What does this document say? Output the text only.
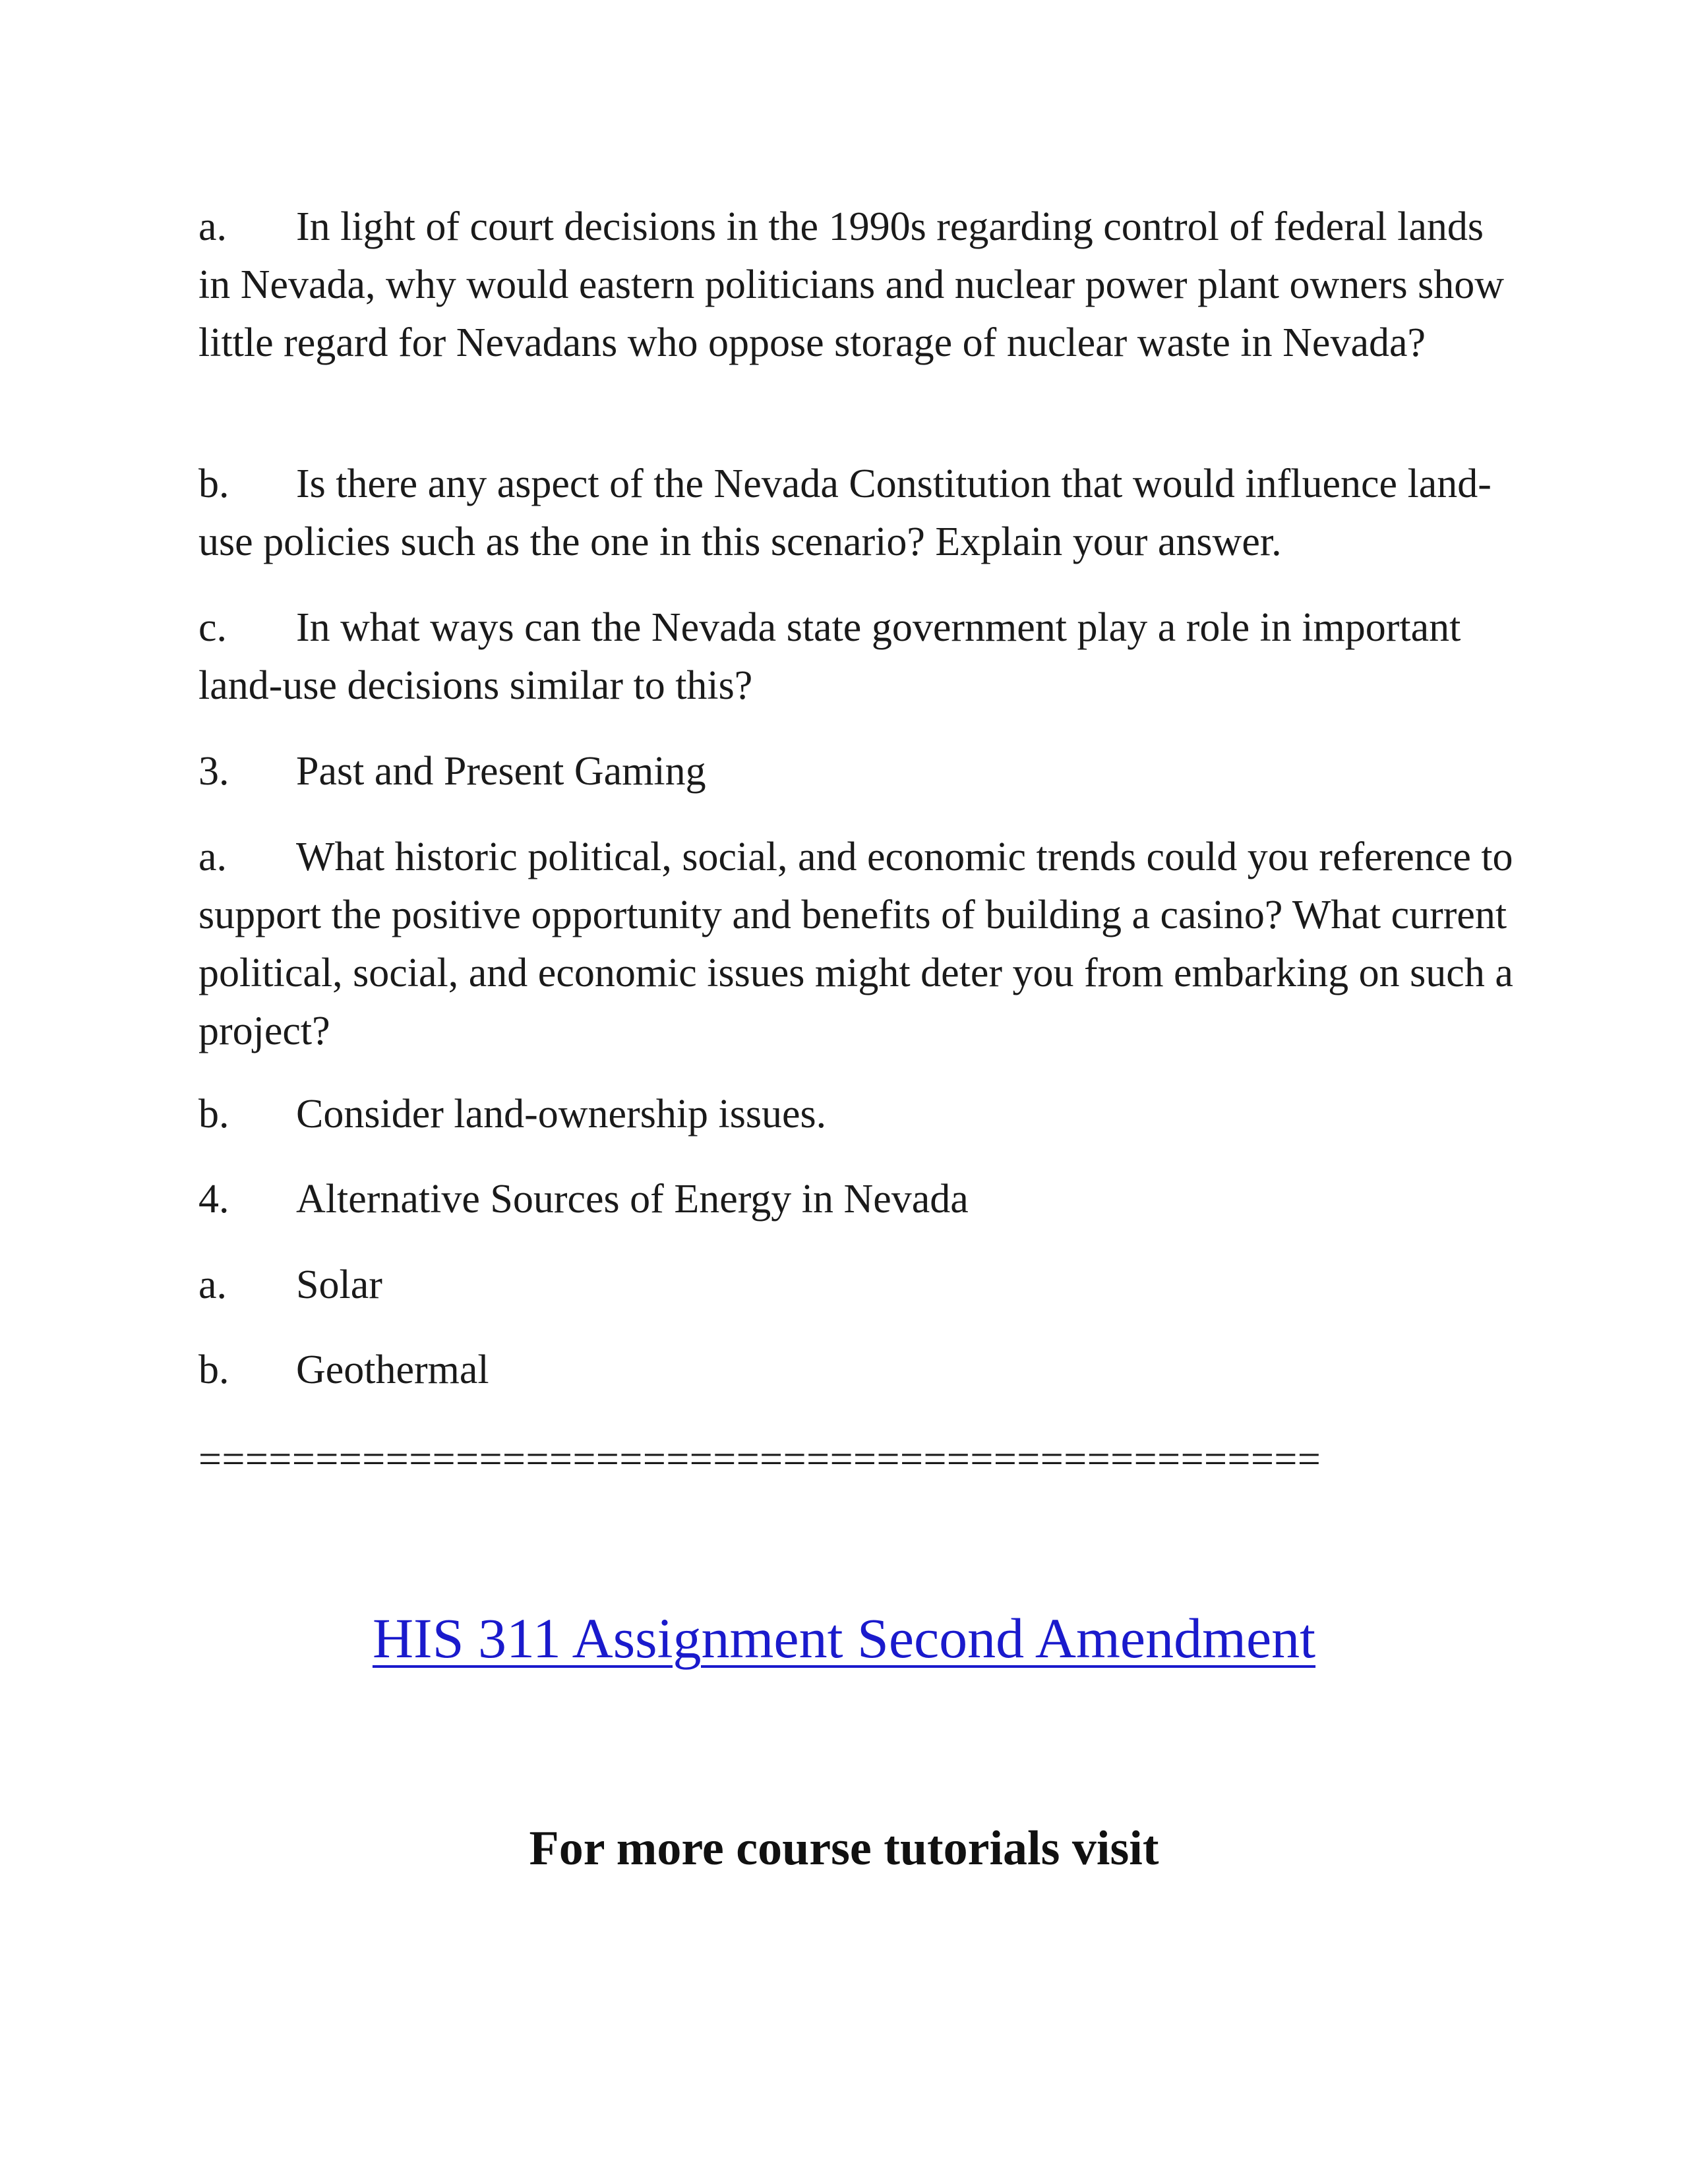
a. In light of court decisions in the 1990s regarding control of federal lands in Nevada, why would eastern politicians and nuclear power plant owners show little regard for Nevadans who oppose storage of nuclear waste in Nevada?

b. Is there any aspect of the Nevada Constitution that would influence land-use policies such as the one in this scenario? Explain your answer.

c. In what ways can the Nevada state government play a role in important land-use decisions similar to this?

3. Past and Present Gaming

a. What historic political, social, and economic trends could you reference to support the positive opportunity and benefits of building a casino? What current political, social, and economic issues might deter you from embarking on such a project?

b. Consider land-ownership issues.

4. Alternative Sources of Energy in Nevada

a. Solar

b. Geothermal

================================================
HIS 311 Assignment Second Amendment
For more course tutorials visit
